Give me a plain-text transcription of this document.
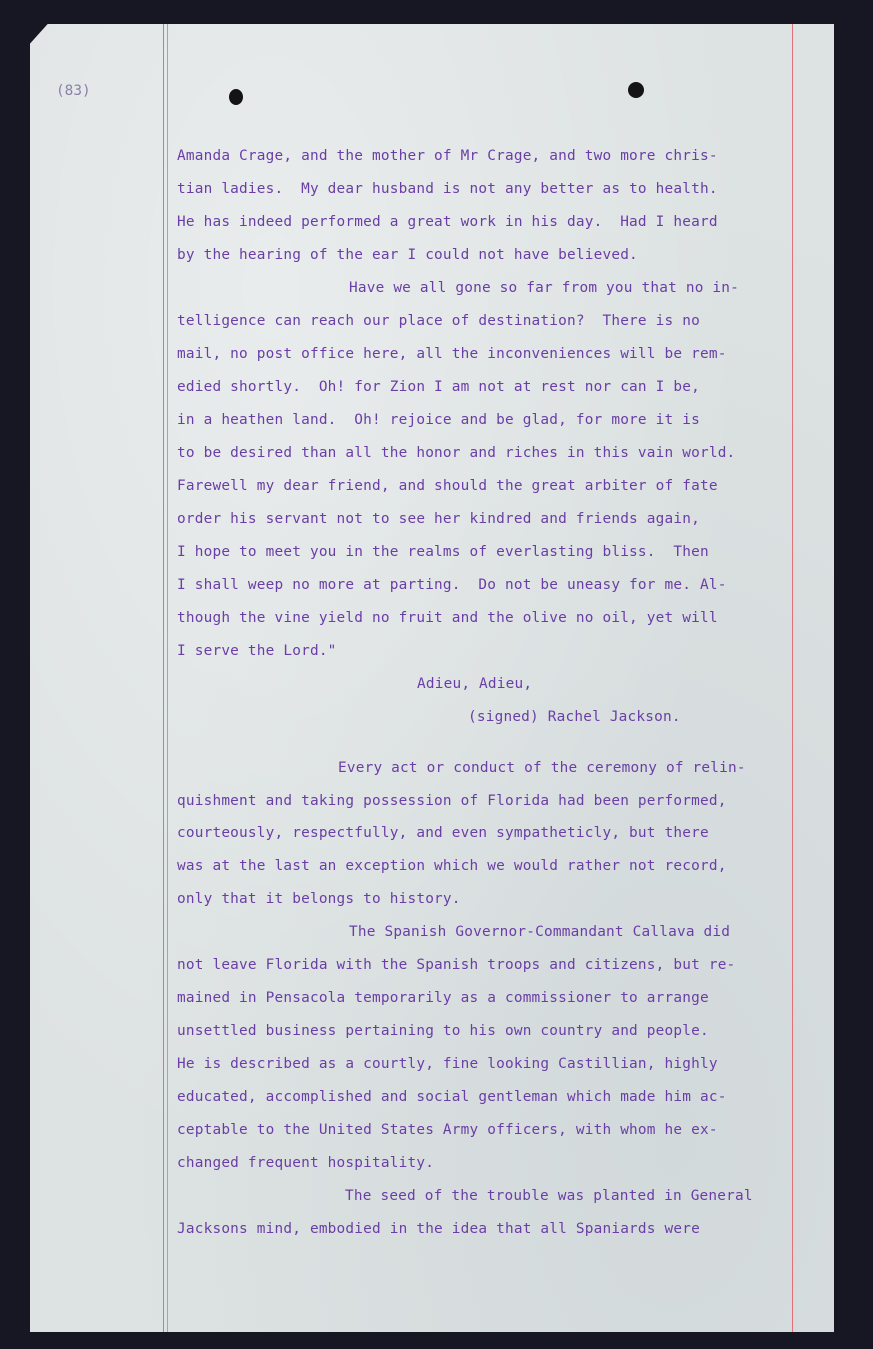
(83)
Amanda Crage, and the mother of Mr Crage, and two more chris-
tian ladies.  My dear husband is not any better as to health.
He has indeed performed a great work in his day.  Had I heard
by the hearing of the ear I could not have believed.
Have we all gone so far from you that no in-
telligence can reach our place of destination?  There is no
mail, no post office here, all the inconveniences will be rem-
edied shortly.  Oh! for Zion I am not at rest nor can I be,
in a heathen land.  Oh! rejoice and be glad, for more it is
to be desired than all the honor and riches in this vain world.
Farewell my dear friend, and should the great arbiter of fate
order his servant not to see her kindred and friends again,
I hope to meet you in the realms of everlasting bliss.  Then
I shall weep no more at parting.  Do not be uneasy for me. Al-
though the vine yield no fruit and the olive no oil, yet will
I serve the Lord."
Adieu, Adieu,
(signed) Rachel Jackson.
Every act or conduct of the ceremony of relin-
quishment and taking possession of Florida had been performed,
courteously, respectfully, and even sympatheticly, but there
was at the last an exception which we would rather not record,
only that it belongs to history.
The Spanish Governor-Commandant Callava did
not leave Florida with the Spanish troops and citizens, but re-
mained in Pensacola temporarily as a commissioner to arrange
unsettled business pertaining to his own country and people.
He is described as a courtly, fine looking Castillian, highly
educated, accomplished and social gentleman which made him ac-
ceptable to the United States Army officers, with whom he ex-
changed frequent hospitality.
The seed of the trouble was planted in General
Jacksons mind, embodied in the idea that all Spaniards were
